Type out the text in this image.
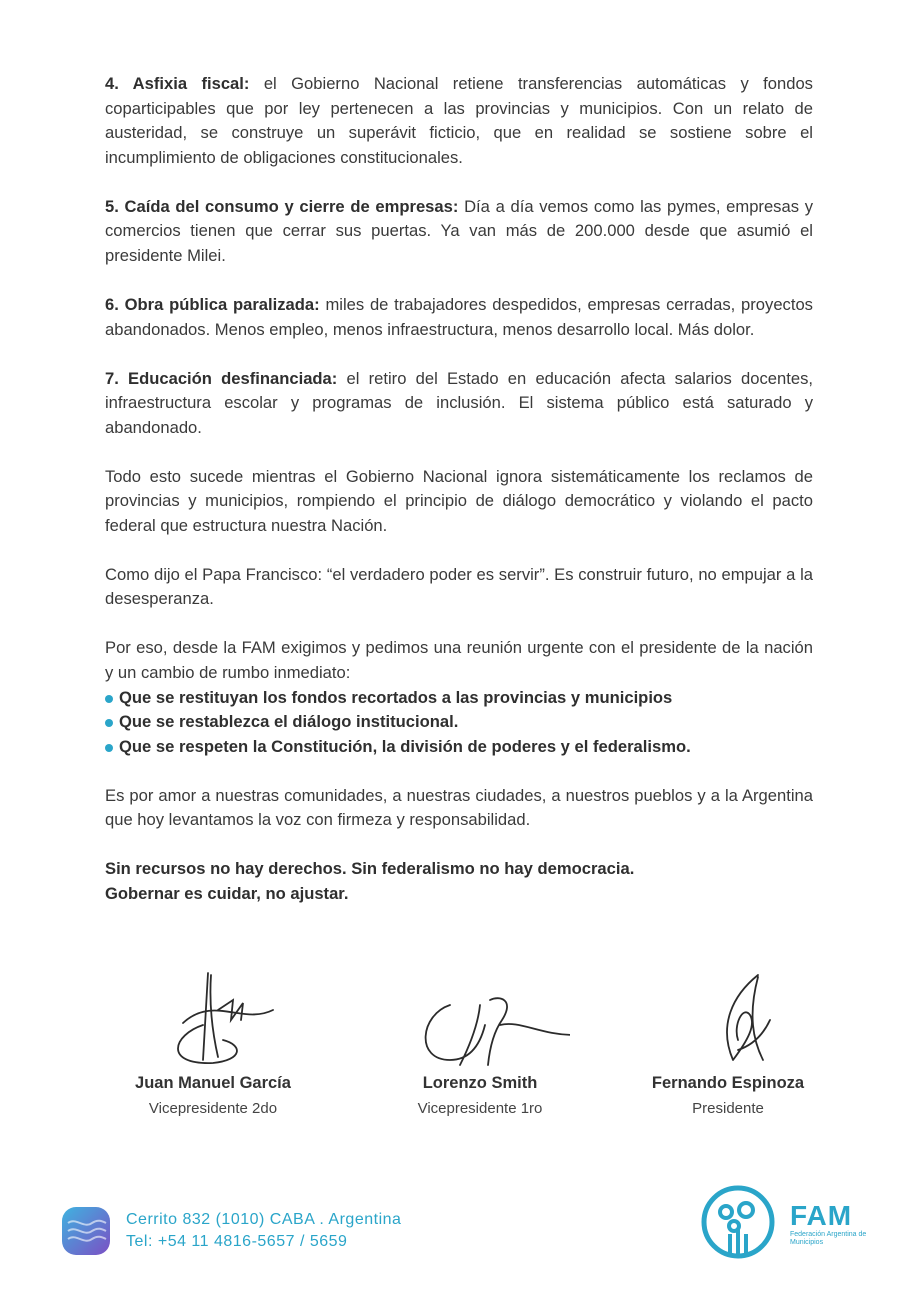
4. Asfixia fiscal: el Gobierno Nacional retiene transferencias automáticas y fondos coparticipables que por ley pertenecen a las provincias y municipios. Con un relato de austeridad, se construye un superávit ficticio, que en realidad se sostiene sobre el incumplimiento de obligaciones constitucionales.

5. Caída del consumo y cierre de empresas: Día a día vemos como las pymes, empresas y comercios tienen que cerrar sus puertas. Ya van más de 200.000 desde que asumió el presidente Milei.

6. Obra pública paralizada: miles de trabajadores despedidos, empresas cerradas, proyectos abandonados. Menos empleo, menos infraestructura, menos desarrollo local. Más dolor.

7. Educación desfinanciada: el retiro del Estado en educación afecta salarios docentes, infraestructura escolar y programas de inclusión. El sistema público está saturado y abandonado.

Todo esto sucede mientras el Gobierno Nacional ignora sistemáticamente los reclamos de provincias y municipios, rompiendo el principio de diálogo democrático y violando el pacto federal que estructura nuestra Nación.

Como dijo el Papa Francisco: “el verdadero poder es servir”. Es construir futuro, no empujar a la desesperanza.

Por eso, desde la FAM exigimos y pedimos una reunión urgente con el presidente de la nación y un cambio de rumbo inmediato:

Que se restituyan los fondos recortados a las provincias y municipios
Que se restablezca el diálogo institucional.
Que se respeten la Constitución, la división de poderes y el federalismo.

Es por amor a nuestras comunidades, a nuestras ciudades, a nuestros pueblos y a la Argentina que hoy levantamos la voz con firmeza y responsabilidad.

Sin recursos no hay derechos. Sin federalismo no hay democracia.
Gobernar es cuidar, no ajustar.
Juan Manuel García
Vicepresidente 2do
Lorenzo Smith
Vicepresidente 1ro
Fernando Espinoza
Presidente
Cerrito 832 (1010) CABA . Argentina
Tel: +54 11 4816-5657 / 5659
FAM
Federación Argentina de Municipios
